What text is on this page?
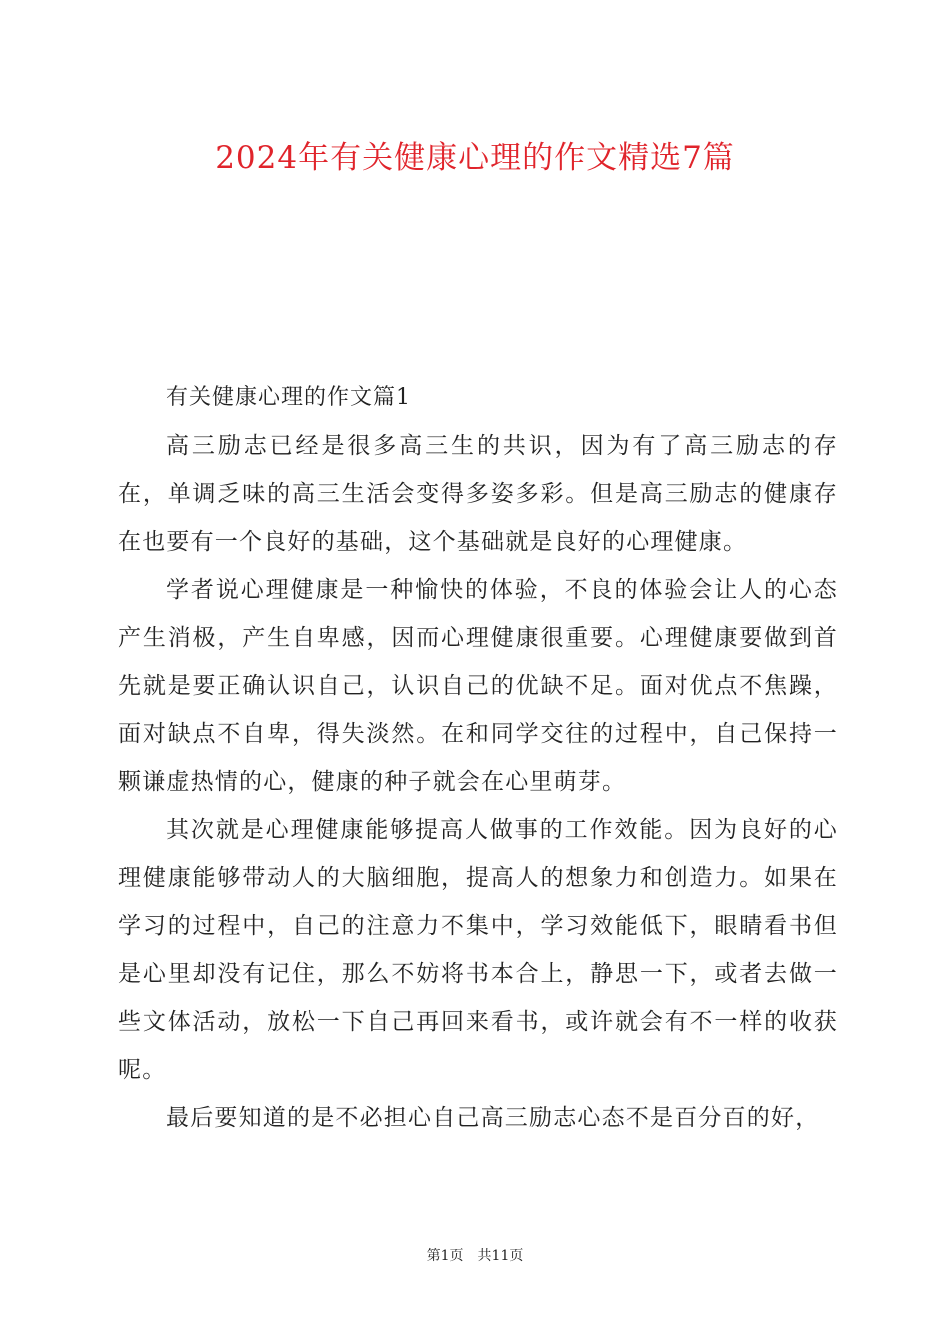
2024年有关健康心理的作文精选7篇

有关健康心理的作文篇1

高三励志已经是很多高三生的共识，因为有了高三励志的存在，单调乏味的高三生活会变得多姿多彩。但是高三励志的健康存在也要有一个良好的基础，这个基础就是良好的心理健康。

学者说心理健康是一种愉快的体验，不良的体验会让人的心态产生消极，产生自卑感，因而心理健康很重要。心理健康要做到首先就是要正确认识自己，认识自己的优缺不足。面对优点不焦躁，面对缺点不自卑，得失淡然。在和同学交往的过程中，自己保持一颗谦虚热情的心，健康的种子就会在心里萌芽。

其次就是心理健康能够提高人做事的工作效能。因为良好的心理健康能够带动人的大脑细胞，提高人的想象力和创造力。如果在学习的过程中，自己的注意力不集中，学习效能低下，眼睛看书但是心里却没有记住，那么不妨将书本合上，静思一下，或者去做一些文体活动，放松一下自己再回来看书，或许就会有不一样的收获呢。

最后要知道的是不必担心自己高三励志心态不是百分百的好，

第1页 共11页
